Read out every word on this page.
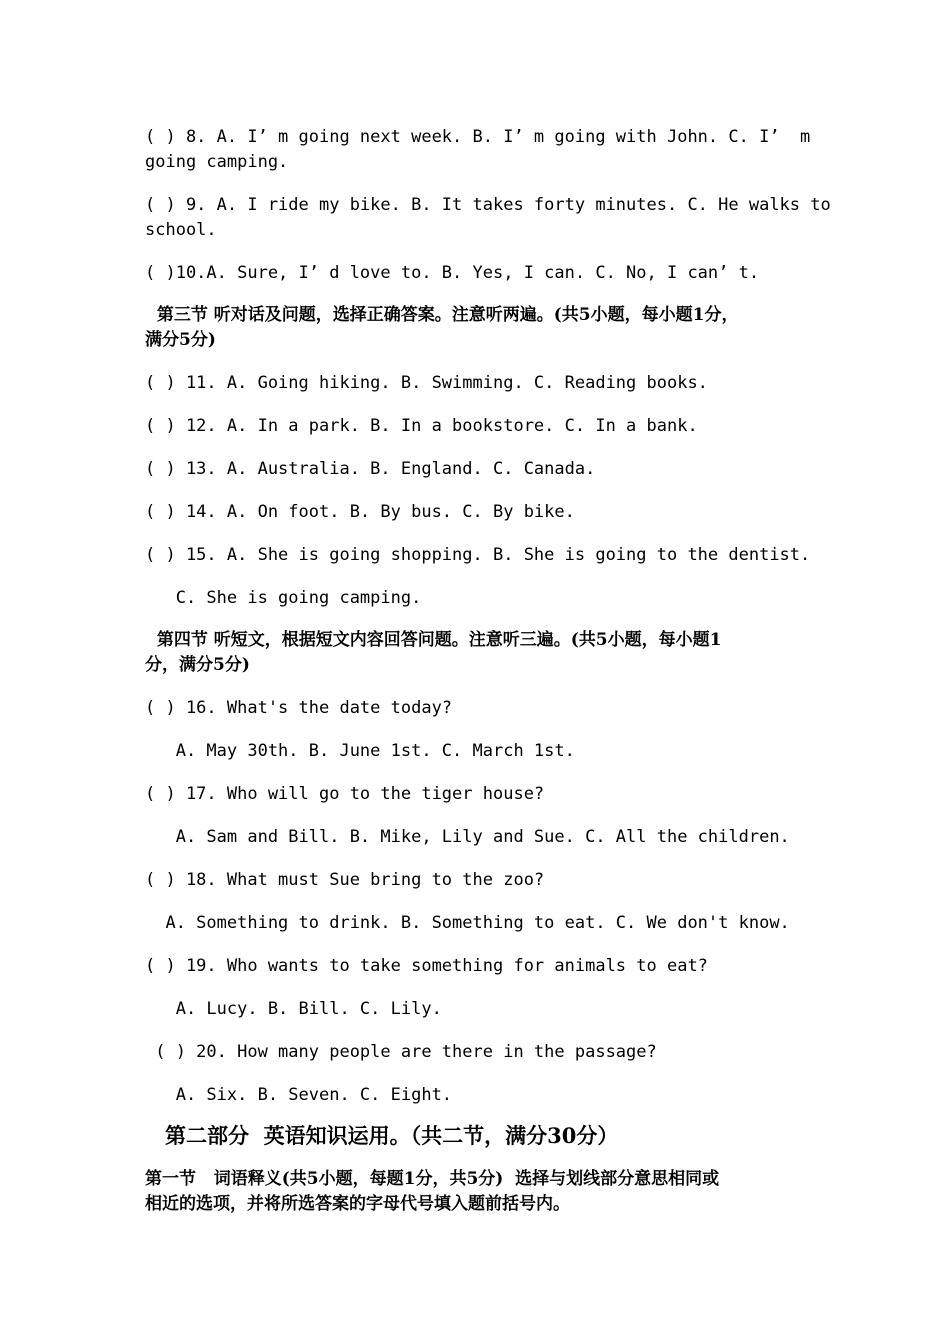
( ) 8. A. I’ m going next week. B. I’ m going with John. C. I’  m
going camping.
( ) 9. A. I ride my bike. B. It takes forty minutes. C. He walks to
school.
( )10.A. Sure, I’ d love to. B. Yes, I can. C. No, I can’ t.
第三节 听对话及问题，选择正确答案。注意听两遍。(共5小题，每小题1分，
满分5分)
( ) 11. A. Going hiking. B. Swimming. C. Reading books.
( ) 12. A. In a park. B. In a bookstore. C. In a bank.
( ) 13. A. Australia. B. England. C. Canada.
( ) 14. A. On foot. B. By bus. C. By bike.
( ) 15. A. She is going shopping. B. She is going to the dentist.
C. She is going camping.
第四节 听短文，根据短文内容回答问题。注意听三遍。(共5小题，每小题1
分，满分5分)
( ) 16. What's the date today?
A. May 30th. B. June 1st. C. March 1st.
( ) 17. Who will go to the tiger house?
A. Sam and Bill. B. Mike, Lily and Sue. C. All the children.
( ) 18. What must Sue bring to the zoo?
A. Something to drink. B. Something to eat. C. We don't know.
( ) 19. Who wants to take something for animals to eat?
A. Lucy. B. Bill. C. Lily.
( ) 20. How many people are there in the passage?
A. Six. B. Seven. C. Eight.
第二部分  英语知识运用。（共二节，满分30分）
第一节   词语释义(共5小题，每题1分，共5分)  选择与划线部分意思相同或
相近的选项，并将所选答案的字母代号填入题前括号内。
